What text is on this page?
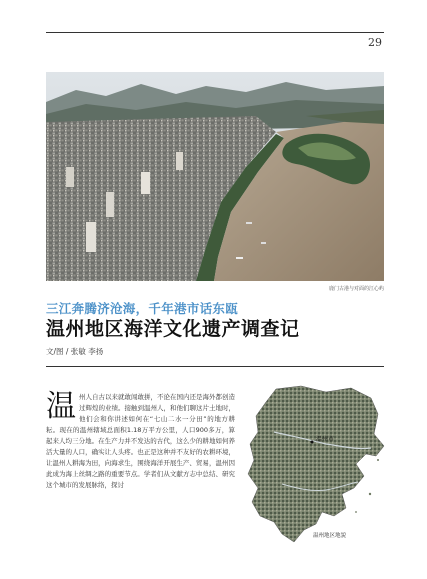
29
鹿门古港与对面的江心屿
三江奔腾济沧海，千年港市话东瓯
温州地区海洋文化遗产调查记
文/图 / 张敏 李扬
温 州人自古以来就敢闯敢拼，不论在国内还是海外都创造过辉煌的业绩。接触到温州人，和他们聊这片土地时，他们会和你讲述如何在“七山二水一分田”的地方耕耘。现在的温州辖域总面积1.18万平方公里，人口900多万，算起来人均三分地。在生产力并不发达的古代，这么少的耕地如何养活大量的人口，确实让人头疼。也正是这种并不友好的农耕环境，让温州人耕海为田，向海求生，围绕海洋开展生产、贸易，温州因此成为海上丝绸之路的重要节点。学者们从文献方志中总结、研究这个城市的发展脉络，探讨
温州市
温州地区地貌
